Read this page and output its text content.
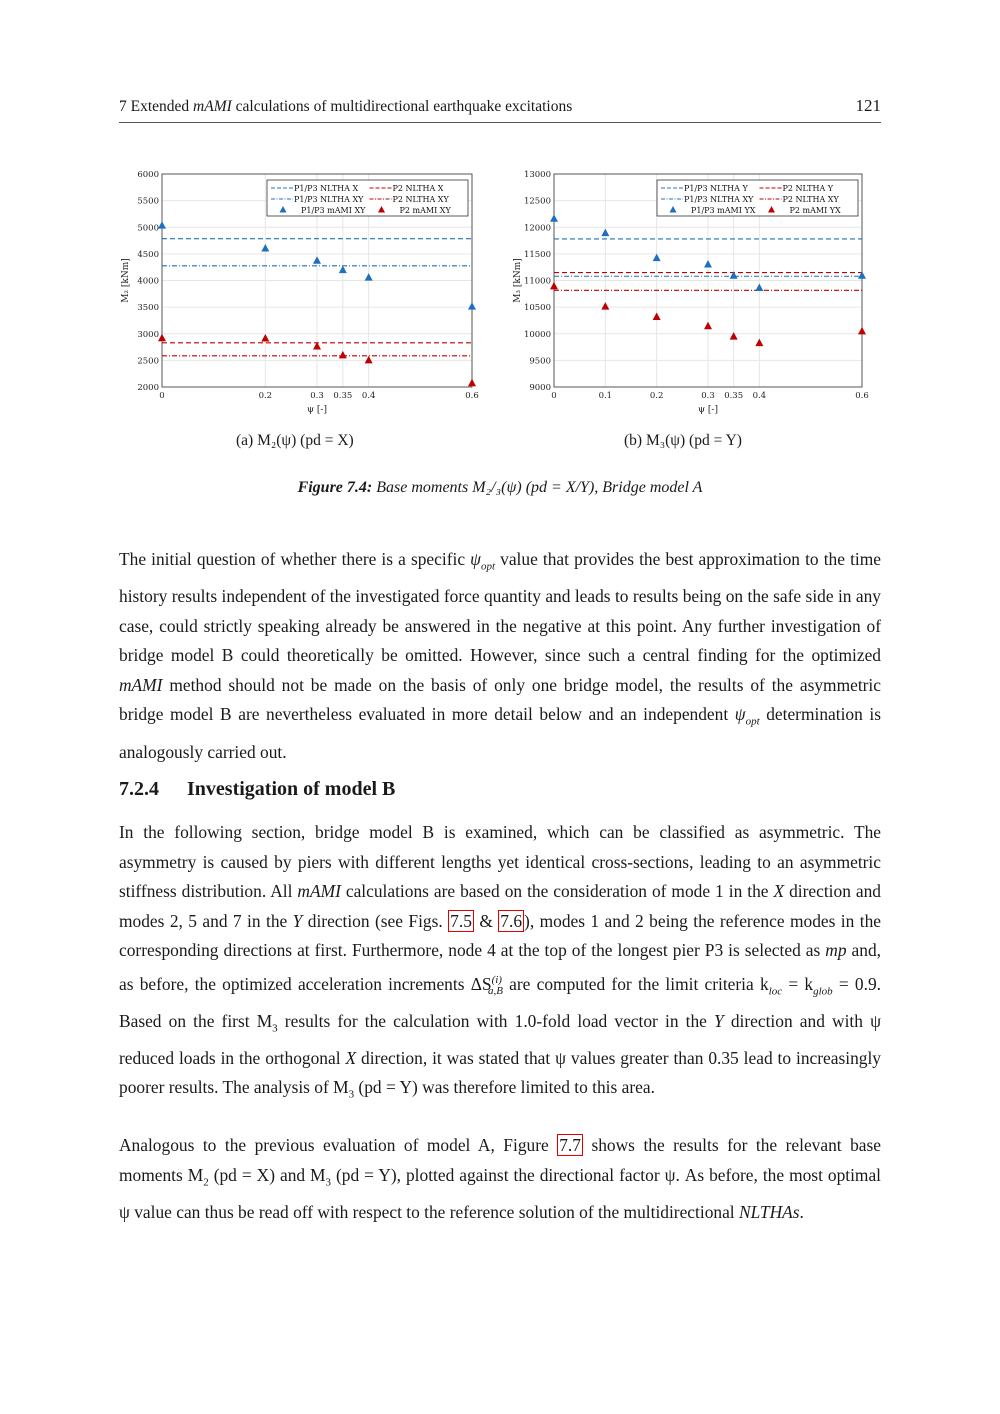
7 Extended mAMI calculations of multidirectional earthquake excitations	121
2000
2500
3000
3500
4000
4500
5000
5500
6000
0	0.2	0.3 0.35 0.4	0.6
ψ [-]
M₂ [kNm]
P1/P3 NLTHA X	P2 NLTHA X
P1/P3 NLTHA XY	P2 NLTHA XY
P1/P3 mAMI XY	P2 mAMI XY
9000
9500
10000
10500
11000
11500
12000
12500
13000
0	0.1	0.2	0.3 0.35 0.4	0.6
ψ [-]
M₃ [kNm]
P1/P3 NLTHA Y	P2 NLTHA Y
P1/P3 NLTHA XY	P2 NLTHA XY
P1/P3 mAMI YX	P2 mAMI YX
(a) M₂(ψ) (pd = X)	(b) M₃(ψ) (pd = Y)
Figure 7.4: Base moments M₂/₃(ψ) (pd = X/Y), Bridge model A
The initial question of whether there is a specific $\psi_{opt}$ value that provides the best approximation to the time history results independent of the investigated force quantity and leads to results being on the safe side in any case, could strictly speaking already be answered in the negative at this point. Any further investigation of bridge model B could theoretically be omitted. However, since such a central finding for the optimized mAMI method should not be made on the basis of only one bridge model, the results of the asymmetric bridge model B are nevertheless evaluated in more detail below and an independent $\psi_{opt}$ determination is analogously carried out.
7.2.4 Investigation of model B
In the following section, bridge model B is examined, which can be classified as asymmetric. The asymmetry is caused by piers with different lengths yet identical cross-sections, leading to an asymmetric stiffness distribution. All mAMI calculations are based on the consideration of mode 1 in the X direction and modes 2, 5 and 7 in the Y direction (see Figs. 7.5 & 7.6 ), modes 1 and 2 being the reference modes in the corresponding directions at first. Furthermore, node 4 at the top of the longest pier P3 is selected as mp and, as before, the optimized acceleration increments $\Delta S^{(i)}_{a,B}$ are computed for the limit criteria $k_{loc} = k_{glob} = 0.9$. Based on the first $M_3$ results for the calculation with 1.0-fold load vector in the Y direction and with ψ reduced loads in the orthogonal X direction, it was stated that ψ values greater than 0.35 lead to increasingly poorer results. The analysis of $M_3$ (pd = Y) was therefore limited to this area.
Analogous to the previous evaluation of model A, Figure 7.7 shows the results for the relevant base moments $M_2$ (pd = X) and $M_3$ (pd = Y), plotted against the directional factor ψ. As before, the most optimal ψ value can thus be read off with respect to the reference solution of the multidirectional NLTHAs.
